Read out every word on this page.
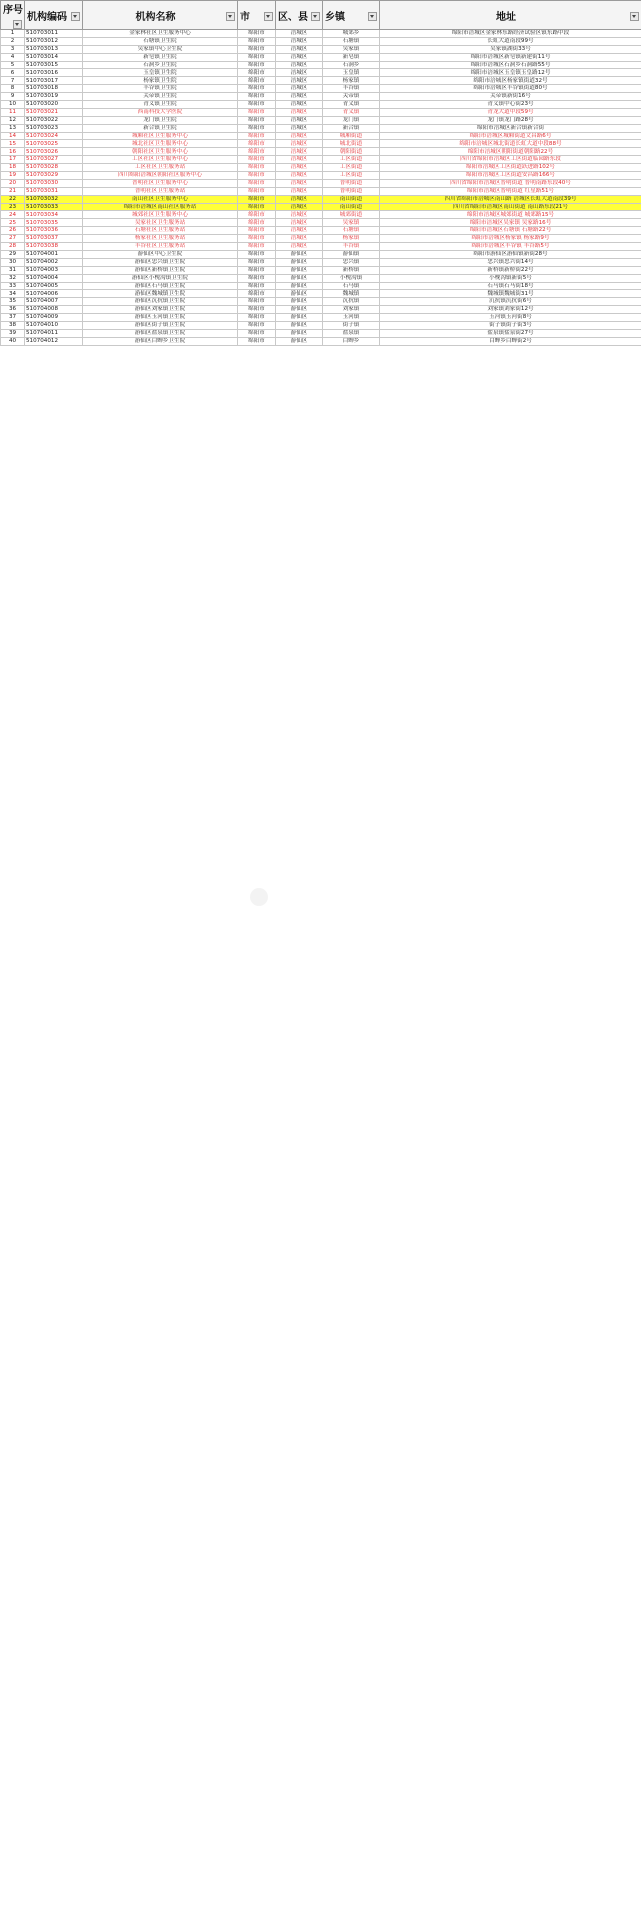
序号	机构编码	机构名称	市	区、县	乡镇	地址

1	510703011	金家林社区卫生服务中心	绵阳市	涪城区	城郊乡	绵阳市涪城区金家林东路经济试验区镇东路中段
2	510703012	石塘镇卫生院	绵阳市	涪城区	石塘镇	长虹大道南段99号
3	510703013	吴家镇中心卫生院	绵阳市	涪城区	吴家镇	吴家镇湖街33号
4	510703014	新皂镇卫生院	绵阳市	涪城区	新皂镇	绵阳市涪城区新皂镇新建街11号
5	510703015	石洞乡卫生院	绵阳市	涪城区	石洞乡	绵阳市涪城区石洞乡石洞路55号
6	510703016	玉皇镇卫生院	绵阳市	涪城区	玉皇镇	绵阳市涪城区玉皇镇玉皇路12号
7	510703017	杨家镇卫生院	绵阳市	涪城区	杨家镇	绵阳市涪城区杨家镇街道32号
8	510703018	丰谷镇卫生院	绵阳市	涪城区	丰谷镇	绵阳市涪城区丰谷镇街道80号
9	510703019	关帝镇卫生院	绵阳市	涪城区	关帝镇	关帝镇新街16号
10	510703020	青义镇卫生院	绵阳市	涪城区	青义镇	青义镇中心街23号
11	510703021	西南科技大学医院	绵阳市	涪城区	青义镇	青龙大道中段59号
12	510703022	龙门镇卫生院	绵阳市	涪城区	龙门镇	龙门镇龙门路28号
13	510703023	新合镇卫生院	绵阳市	涪城区	新合镇	绵阳市涪城区新合镇新合街
14	510703024	城厢社区卫生服务中心	绵阳市	涪城区	城厢街道	绵阳市涪城区城厢街道文昌路6号
15	510703025	城北社区卫生服务中心	绵阳市	涪城区	城北街道	绵阳市涪城区城北街道长虹大道中段88号
16	510703026	朝阳社区卫生服务中心	绵阳市	涪城区	朝阳街道	绵阳市涪城区朝阳街道朝阳路22号
17	510703027	工区社区卫生服务中心	绵阳市	涪城区	工区街道	四川省绵阳市涪城区工区街道临园路东段
18	510703028	工区社区卫生服务站	绵阳市	涪城区	工区街道	绵阳市涪城区工区街道跃进路102号
19	510703029	四川绵阳涪城区朝阳社区服务中心	绵阳市	涪城区	工区街道	绵阳市涪城区工区街道安昌路166号
20	510703030	普明社区卫生服务中心	绵阳市	涪城区	普明街道	四川省绵阳市涪城区普明街道 普明南路东段40号
21	510703031	普明社区卫生服务站	绵阳市	涪城区	普明街道	绵阳市涪城区普明街道 红星路51号
22	510703032	南山社区卫生服务中心	绵阳市	涪城区	南山街道	四川省绵阳市涪城区南山路 涪城区长虹大道南段39号
23	510703033	绵阳市涪城区南山社区服务站	绵阳市	涪城区	南山街道	四川省绵阳市涪城区南山街道 南山路东段21号
24	510703034	城郊社区卫生服务中心	绵阳市	涪城区	城郊街道	绵阳市涪城区城郊街道 城郊路15号
25	510703035	吴家社区卫生服务站	绵阳市	涪城区	吴家镇	绵阳市涪城区吴家镇 吴家路16号
26	510703036	石塘社区卫生服务站	绵阳市	涪城区	石塘镇	绵阳市涪城区石塘镇 石塘路22号
27	510703037	杨家社区卫生服务站	绵阳市	涪城区	杨家镇	绵阳市涪城区杨家镇 杨家路9号
28	510703038	丰谷社区卫生服务站	绵阳市	涪城区	丰谷镇	绵阳市涪城区丰谷镇 丰谷路5号
29	510704001	游仙区中心卫生院	绵阳市	游仙区	游仙镇	绵阳市游仙区游仙镇新街28号
30	510704002	游仙区忠兴镇卫生院	绵阳市	游仙区	忠兴镇	忠兴镇忠兴街14号
31	510704003	游仙区新桥镇卫生院	绵阳市	游仙区	新桥镇	新桥镇新桥街22号
32	510704004	游仙区小枧沟镇卫生院	绵阳市	游仙区	小枧沟镇	小枧沟镇新街5号
33	510704005	游仙区石马镇卫生院	绵阳市	游仙区	石马镇	石马镇石马街18号
34	510704006	游仙区魏城镇卫生院	绵阳市	游仙区	魏城镇	魏城镇魏城街31号
35	510704007	游仙区沉抗镇卫生院	绵阳市	游仙区	沉抗镇	沉抗镇沉抗街6号
36	510704008	游仙区刘家镇卫生院	绵阳市	游仙区	刘家镇	刘家镇刘家街12号
37	510704009	游仙区玉河镇卫生院	绵阳市	游仙区	玉河镇	玉河镇玉河街8号
38	510704010	游仙区街子镇卫生院	绵阳市	游仙区	街子镇	街子镇街子街3号
39	510704011	游仙区盐泉镇卫生院	绵阳市	游仙区	盐泉镇	盐泉镇盐泉街27号
40	510704012	游仙区白蝉乡卫生院	绵阳市	游仙区	白蝉乡	白蝉乡白蝉街2号
